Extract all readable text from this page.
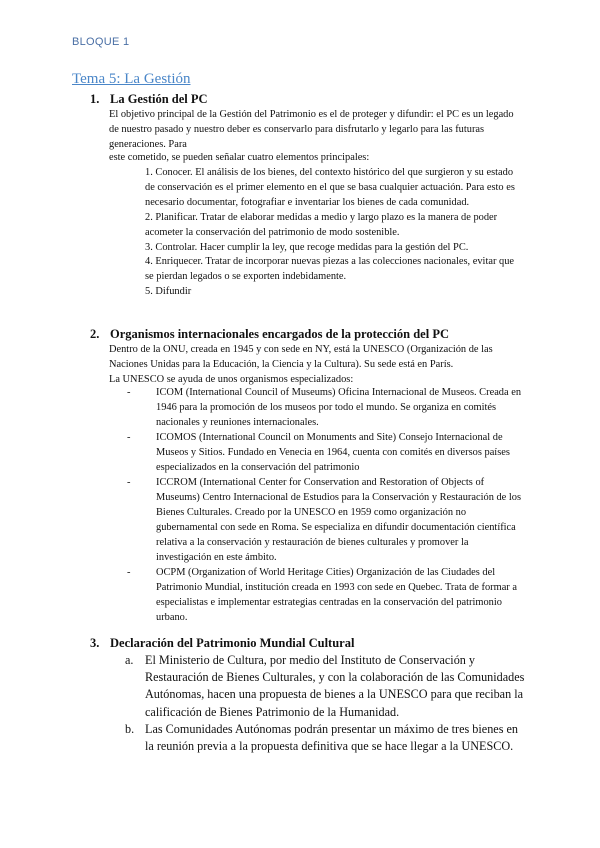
BLOQUE 1
Tema 5: La Gestión
1. La Gestión del PC

El objetivo principal de la Gestión del Patrimonio es el de proteger y difundir: el PC es un legado de nuestro pasado y nuestro deber es conservarlo para disfrutarlo y legarlo para las futuras generaciones. Para

este cometido, se pueden señalar cuatro elementos principales:

1. Conocer. El análisis de los bienes, del contexto histórico del que surgieron y su estado de conservación es el primer elemento en el que se basa cualquier actuación. Para esto es necesario documentar, fotografiar e inventariar los bienes de cada comunidad.

2. Planificar. Tratar de elaborar medidas a medio y largo plazo es la manera de poder acometer la conservación del patrimonio de modo sostenible.

3. Controlar. Hacer cumplir la ley, que recoge medidas para la gestión del PC.

4. Enriquecer. Tratar de incorporar nuevas piezas a las colecciones nacionales, evitar que se pierdan legados o se exporten indebidamente.

5. Difundir

2. Organismos internacionales encargados de la protección del PC

Dentro de la ONU, creada en 1945 y con sede en NY, está la UNESCO (Organización de las Naciones Unidas para la Educación, la Ciencia y la Cultura). Su sede está en París.

La UNESCO se ayuda de unos organismos especializados:

- ICOM (International Council of Museums) Oficina Internacional de Museos. Creada en 1946 para la promoción de los museos por todo el mundo. Se organiza en comités nacionales y reuniones internacionales.
- ICOMOS (International Council on Monuments and Site) Consejo Internacional de Museos y Sitios. Fundado en Venecia en 1964, cuenta con comités en diversos países especializados en la conservación del patrimonio
- ICCROM (International Center for Conservation and Restoration of Objects of Museums) Centro Internacional de Estudios para la Conservación y Restauración de los Bienes Culturales. Creado por la UNESCO en 1959 como organización no gubernamental con sede en Roma. Se especializa en difundir documentación científica relativa a la conservación y restauración de bienes culturales y promover la investigación en este ámbito.
- OCPM (Organization of World Heritage Cities) Organización de las Ciudades del Patrimonio Mundial, institución creada en 1993 con sede en Quebec. Trata de formar a especialistas e implementar estrategias centradas en la conservación del patrimonio urbano.
3. Declaración del Patrimonio Mundial Cultural
a. El Ministerio de Cultura, por medio del Instituto de Conservación y Restauración de Bienes Culturales, y con la colaboración de las Comunidades Autónomas, hacen una propuesta de bienes a la UNESCO para que reciban la calificación de Bienes Patrimonio de la Humanidad.
b. Las Comunidades Autónomas podrán presentar un máximo de tres bienes en la reunión previa a la propuesta definitiva que se hace llegar a la UNESCO.
